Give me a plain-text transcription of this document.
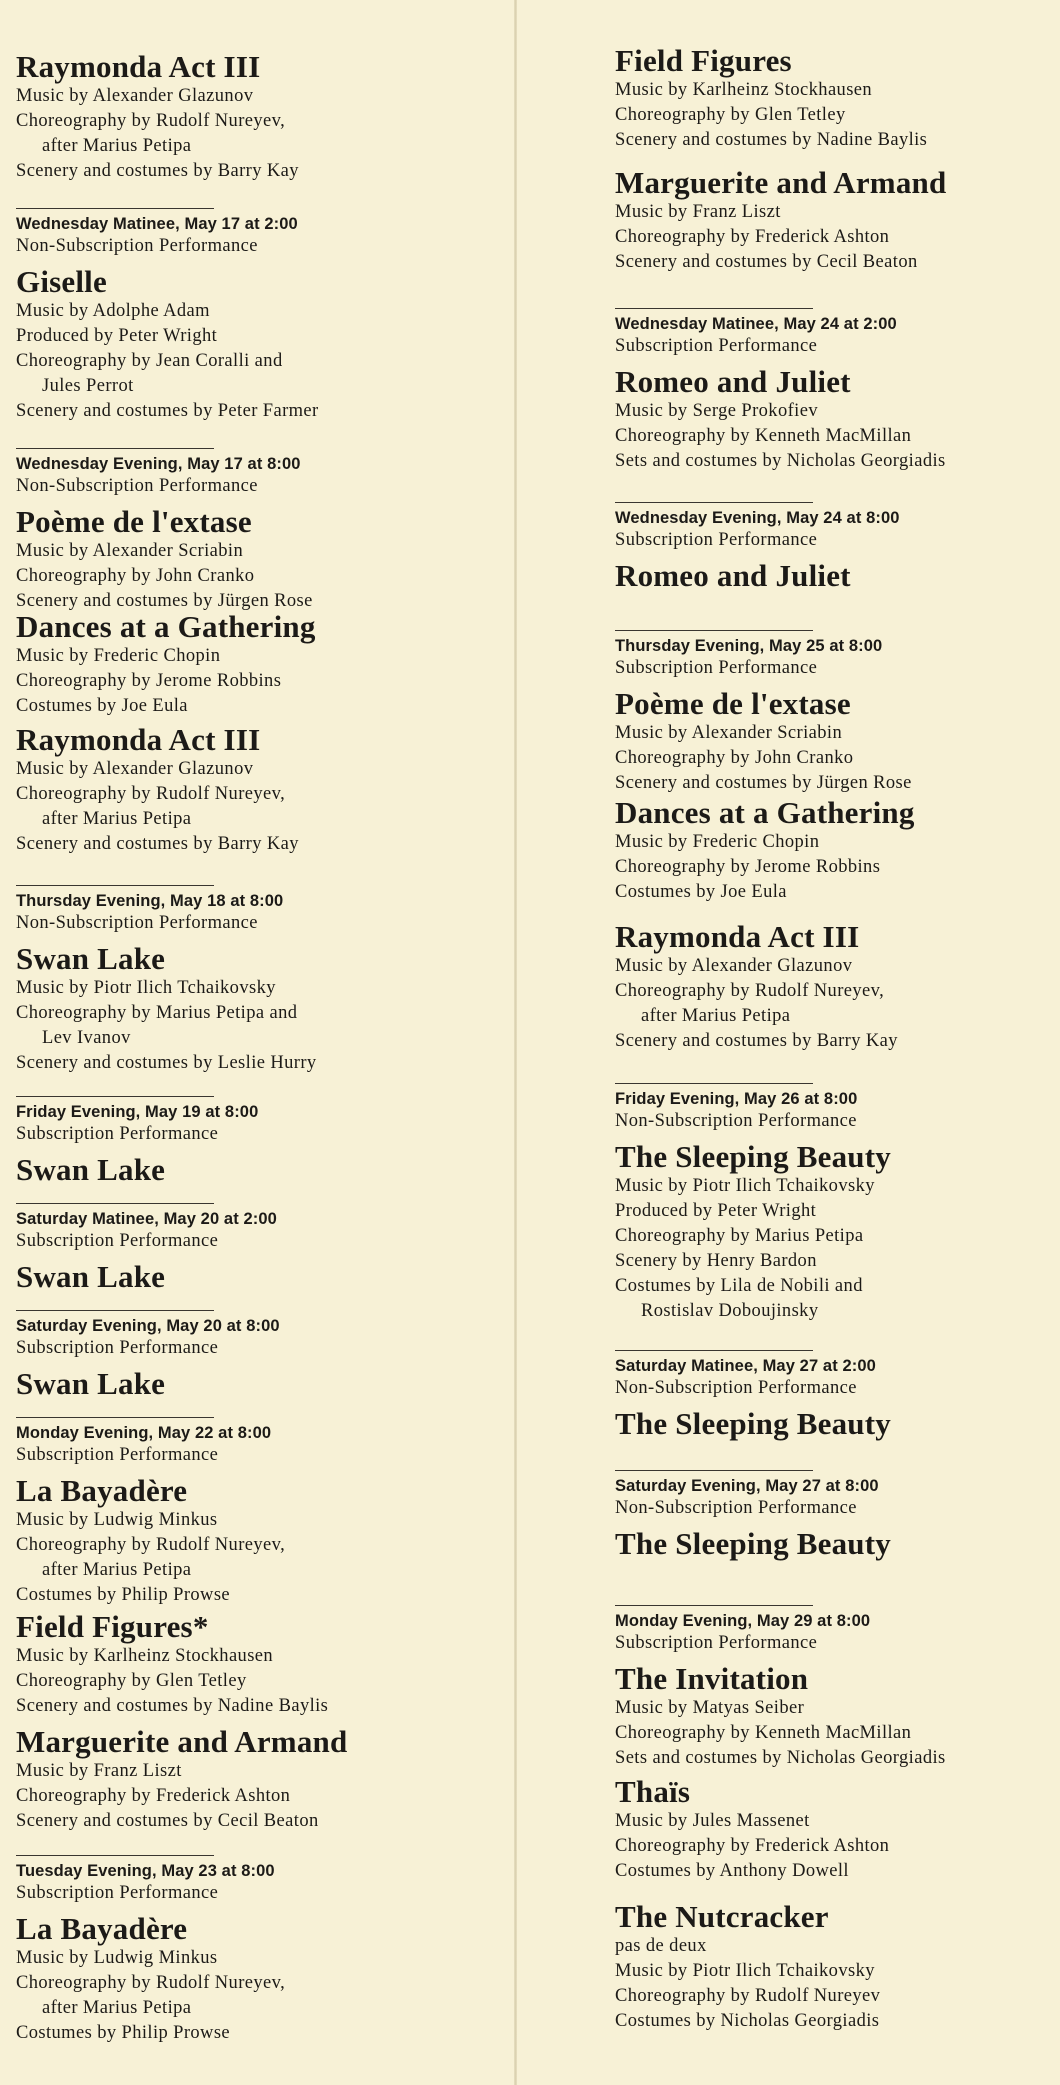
Raymonda Act III
Music by Alexander Glazunov
Choreography by Rudolf Nureyev,
after Marius Petipa
Scenery and costumes by Barry Kay
Wednesday Matinee, May 17 at 2:00
Non-Subscription Performance
Giselle
Music by Adolphe Adam
Produced by Peter Wright
Choreography by Jean Coralli and
Jules Perrot
Scenery and costumes by Peter Farmer
Wednesday Evening, May 17 at 8:00
Non-Subscription Performance
Poème de l'extase
Music by Alexander Scriabin
Choreography by John Cranko
Scenery and costumes by Jürgen Rose
Dances at a Gathering
Music by Frederic Chopin
Choreography by Jerome Robbins
Costumes by Joe Eula
Raymonda Act III
Music by Alexander Glazunov
Choreography by Rudolf Nureyev,
after Marius Petipa
Scenery and costumes by Barry Kay
Thursday Evening, May 18 at 8:00
Non-Subscription Performance
Swan Lake
Music by Piotr Ilich Tchaikovsky
Choreography by Marius Petipa and
Lev Ivanov
Scenery and costumes by Leslie Hurry
Friday Evening, May 19 at 8:00
Subscription Performance
Swan Lake
Saturday Matinee, May 20 at 2:00
Subscription Performance
Swan Lake
Saturday Evening, May 20 at 8:00
Subscription Performance
Swan Lake
Monday Evening, May 22 at 8:00
Subscription Performance
La Bayadère
Music by Ludwig Minkus
Choreography by Rudolf Nureyev,
after Marius Petipa
Costumes by Philip Prowse
Field Figures*
Music by Karlheinz Stockhausen
Choreography by Glen Tetley
Scenery and costumes by Nadine Baylis
Marguerite and Armand
Music by Franz Liszt
Choreography by Frederick Ashton
Scenery and costumes by Cecil Beaton
Tuesday Evening, May 23 at 8:00
Subscription Performance
La Bayadère
Music by Ludwig Minkus
Choreography by Rudolf Nureyev,
after Marius Petipa
Costumes by Philip Prowse
Field Figures
Music by Karlheinz Stockhausen
Choreography by Glen Tetley
Scenery and costumes by Nadine Baylis
Marguerite and Armand
Music by Franz Liszt
Choreography by Frederick Ashton
Scenery and costumes by Cecil Beaton
Wednesday Matinee, May 24 at 2:00
Subscription Performance
Romeo and Juliet
Music by Serge Prokofiev
Choreography by Kenneth MacMillan
Sets and costumes by Nicholas Georgiadis
Wednesday Evening, May 24 at 8:00
Subscription Performance
Romeo and Juliet
Thursday Evening, May 25 at 8:00
Subscription Performance
Poème de l'extase
Music by Alexander Scriabin
Choreography by John Cranko
Scenery and costumes by Jürgen Rose
Dances at a Gathering
Music by Frederic Chopin
Choreography by Jerome Robbins
Costumes by Joe Eula
Raymonda Act III
Music by Alexander Glazunov
Choreography by Rudolf Nureyev,
after Marius Petipa
Scenery and costumes by Barry Kay
Friday Evening, May 26 at 8:00
Non-Subscription Performance
The Sleeping Beauty
Music by Piotr Ilich Tchaikovsky
Produced by Peter Wright
Choreography by Marius Petipa
Scenery by Henry Bardon
Costumes by Lila de Nobili and
Rostislav Doboujinsky
Saturday Matinee, May 27 at 2:00
Non-Subscription Performance
The Sleeping Beauty
Saturday Evening, May 27 at 8:00
Non-Subscription Performance
The Sleeping Beauty
Monday Evening, May 29 at 8:00
Subscription Performance
The Invitation
Music by Matyas Seiber
Choreography by Kenneth MacMillan
Sets and costumes by Nicholas Georgiadis
Thaïs
Music by Jules Massenet
Choreography by Frederick Ashton
Costumes by Anthony Dowell
The Nutcracker
pas de deux
Music by Piotr Ilich Tchaikovsky
Choreography by Rudolf Nureyev
Costumes by Nicholas Georgiadis
